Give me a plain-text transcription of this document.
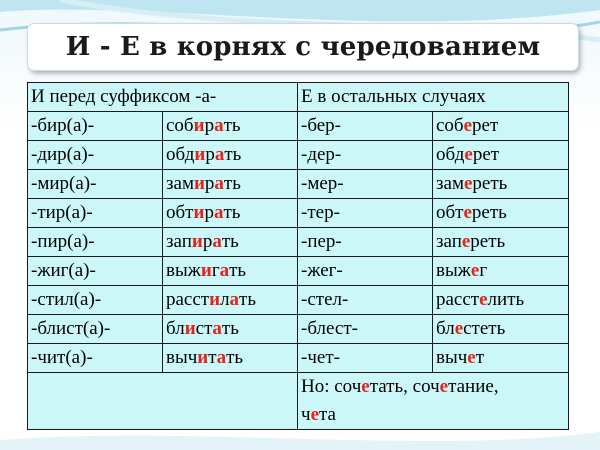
И - Е в корнях с чередованием
И перед суффиксом -а-		Е в остальных случаях	
-бир(а)-	собирать	-бер-	соберет
-дир(а)-	обдирать	-дер-	обдерет
-мир(а)-	замирать	-мер-	замереть
-тир(а)-	обтирать	-тер-	обтереть
-пир(а)-	запирать	-пер-	запереть
-жиг(а)-	выжигать	-жег-	выжег
-стил(а)-	расстилать	-стел-	расстелить
-блист(а)-	блистать	-блест-	блестеть
-чит(а)-	вычитать	-чет-	вычет
		Но: сочетать, сочетание,
чета	
